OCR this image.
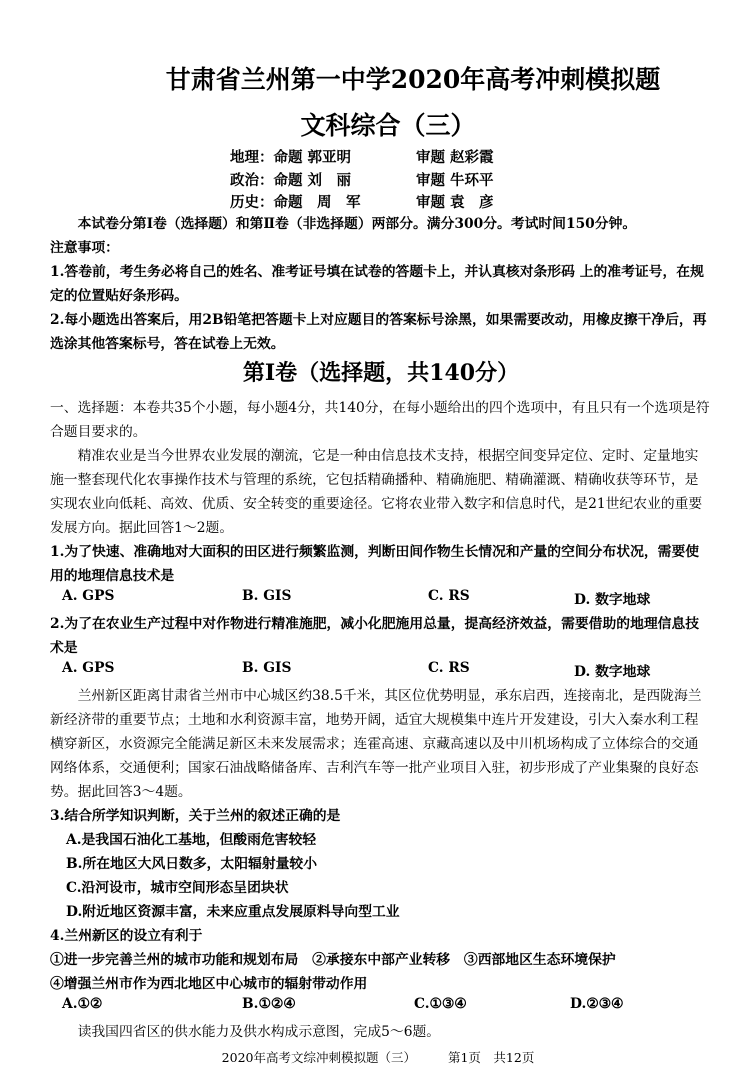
甘肃省兰州第一中学2020年高考冲刺模拟题
文科综合（三）
地理：命题 郭亚明	审题 赵彩霞
政治：命题 刘　丽	审题 牛环平
历史：命题　周　军	审题 袁　彦
本试卷分第Ⅰ卷（选择题）和第Ⅱ卷（非选择题）两部分。满分300分。考试时间150分钟。
注意事项：
1.答卷前，考生务必将自己的姓名、准考证号填在试卷的答题卡上，并认真核对条形码 上的准考证号，在规定的位置贴好条形码。
2.每小题选出答案后，用2B铅笔把答题卡上对应题目的答案标号涂黑，如果需要改动，用橡皮擦干净后，再选涂其他答案标号，答在试卷上无效。
第Ⅰ卷（选择题，共140分）
一、选择题：本卷共35个小题，每小题4分，共140分，在每小题给出的四个选项中，有且只有一个选项是符合题目要求的。
精准农业是当今世界农业发展的潮流，它是一种由信息技术支持，根据空间变异定位、定时、定量地实施一整套现代化农事操作技术与管理的系统，它包括精确播种、精确施肥、精确灌溉、精确收获等环节，是实现农业向低耗、高效、优质、安全转变的重要途径。它将农业带入数字和信息时代，是21世纪农业的重要发展方向。据此回答1～2题。
1.为了快速、准确地对大面积的田区进行频繁监测，判断田间作物生长情况和产量的空间分布状况，需要使用的地理信息技术是
A. GPS	B. GIS	C. RS	D. 数字地球
2.为了在农业生产过程中对作物进行精准施肥，减小化肥施用总量，提高经济效益，需要借助的地理信息技术是
A. GPS	B. GIS	C. RS	D. 数字地球
兰州新区距离甘肃省兰州市中心城区约38.5千米，其区位优势明显，承东启西，连接南北，是西陇海兰新经济带的重要节点；土地和水利资源丰富，地势开阔，适宜大规模集中连片开发建设，引大入秦水利工程横穿新区，水资源完全能满足新区未来发展需求；连霍高速、京藏高速以及中川机场构成了立体综合的交通网络体系，交通便利；国家石油战略储备库、吉利汽车等一批产业项目入驻，初步形成了产业集聚的良好态势。据此回答3～4题。
3.结合所学知识判断，关于兰州的叙述正确的是
A.是我国石油化工基地，但酸雨危害较轻
B.所在地区大风日数多，太阳辐射量较小
C.沿河设市，城市空间形态呈团块状
D.附近地区资源丰富，未来应重点发展原料导向型工业
4.兰州新区的设立有利于
①进一步完善兰州的城市功能和规划布局　②承接东中部产业转移　③西部地区生态环境保护
④增强兰州市作为西北地区中心城市的辐射带动作用
A.①②	B.①②④	C.①③④	D.②③④
读我国四省区的供水能力及供水构成示意图，完成5～6题。
2020年高考文综冲刺模拟题（三）	第1页　共12页
